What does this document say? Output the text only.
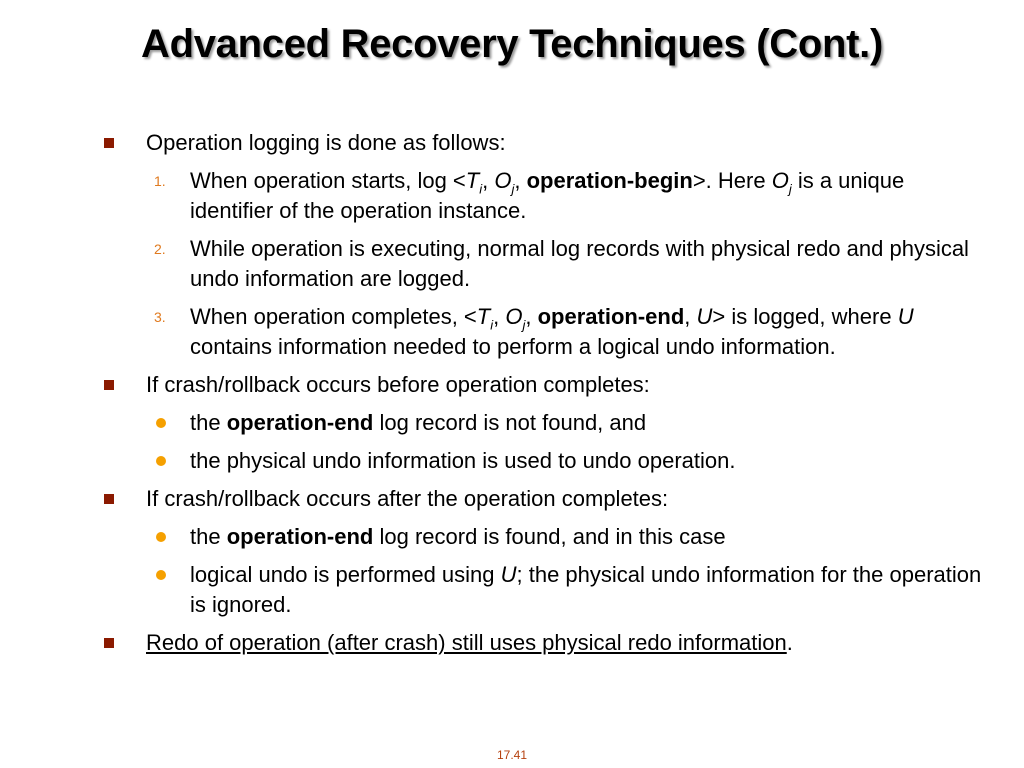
Advanced Recovery Techniques (Cont.)
Operation logging is done as follows:
1. When operation starts, $\log <T_i$, $O_j$, operation-begin>. Here $O_j$ is a unique identifier of the operation instance.
2. While operation is executing, normal log records with physical redo and physical undo information are logged.
3. When operation completes, $<T_i$, $O_j$, operation-end, U> is logged, where U contains information needed to perform a logical undo information.
If crash/rollback occurs before operation completes:
the operation-end log record is not found, and
the physical undo information is used to undo operation.
If crash/rollback occurs after the operation completes:
the operation-end log record is found, and in this case
logical undo is performed using U; the physical undo information for the operation is ignored.
Redo of operation (after crash) still uses physical redo information.
17.41
